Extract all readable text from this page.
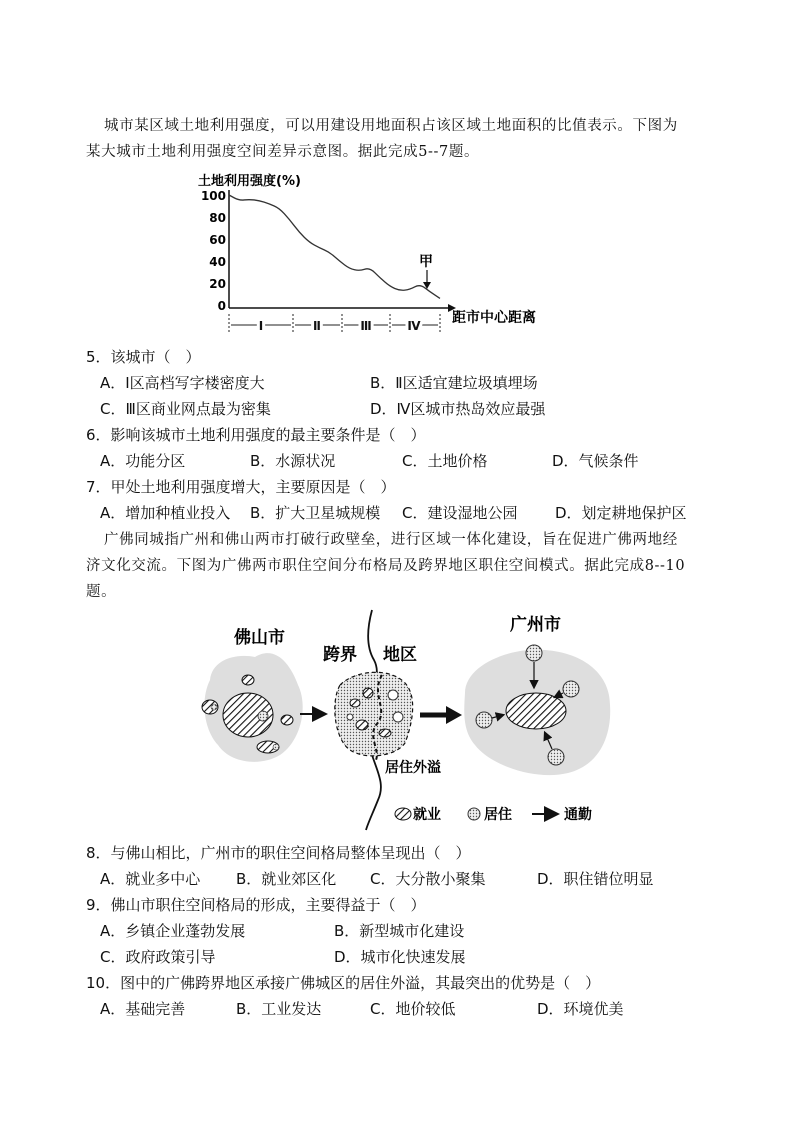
城市某区域土地利用强度，可以用建设用地面积占该区域土地面积的比值表示。下图为
某大城市土地利用强度空间差异示意图。据此完成5--7题。
土地利用强度(%)
100
80
60
40
20
0
距市中心距离
Ⅰ	Ⅱ	Ⅲ	Ⅳ
甲
5．该城市（　）
A．Ⅰ区高档写字楼密度大	B．Ⅱ区适宜建垃圾填埋场
C．Ⅲ区商业网点最为密集	D．Ⅳ区城市热岛效应最强
6．影响该城市土地利用强度的最主要条件是（　）
A．功能分区	B．水源状况	C．土地价格	D．气候条件
7．甲处土地利用强度增大，主要原因是（　）
A．增加种植业投入 B．扩大卫星城规模 C．建设湿地公园	D．划定耕地保护区
广佛同城指广州和佛山两市打破行政壁垒，进行区域一体化建设，旨在促进广佛两地经
济文化交流。下图为广佛两市职住空间分布格局及跨界地区职住空间模式。据此完成8--10
题。
佛山市
跨界 地区
居住外溢
广州市
就业	居住	通勤
8．与佛山相比，广州市的职住空间格局整体呈现出（　）
A．就业多中心 B．就业郊区化 C．大分散小聚集	D．职住错位明显
9．佛山市职住空间格局的形成，主要得益于（　）
A．乡镇企业蓬勃发展	B．新型城市化建设
C．政府政策引导	D．城市化快速发展
10．图中的广佛跨界地区承接广佛城区的居住外溢，其最突出的优势是（　）
A．基础完善	B．工业发达	C．地价较低	D．环境优美
